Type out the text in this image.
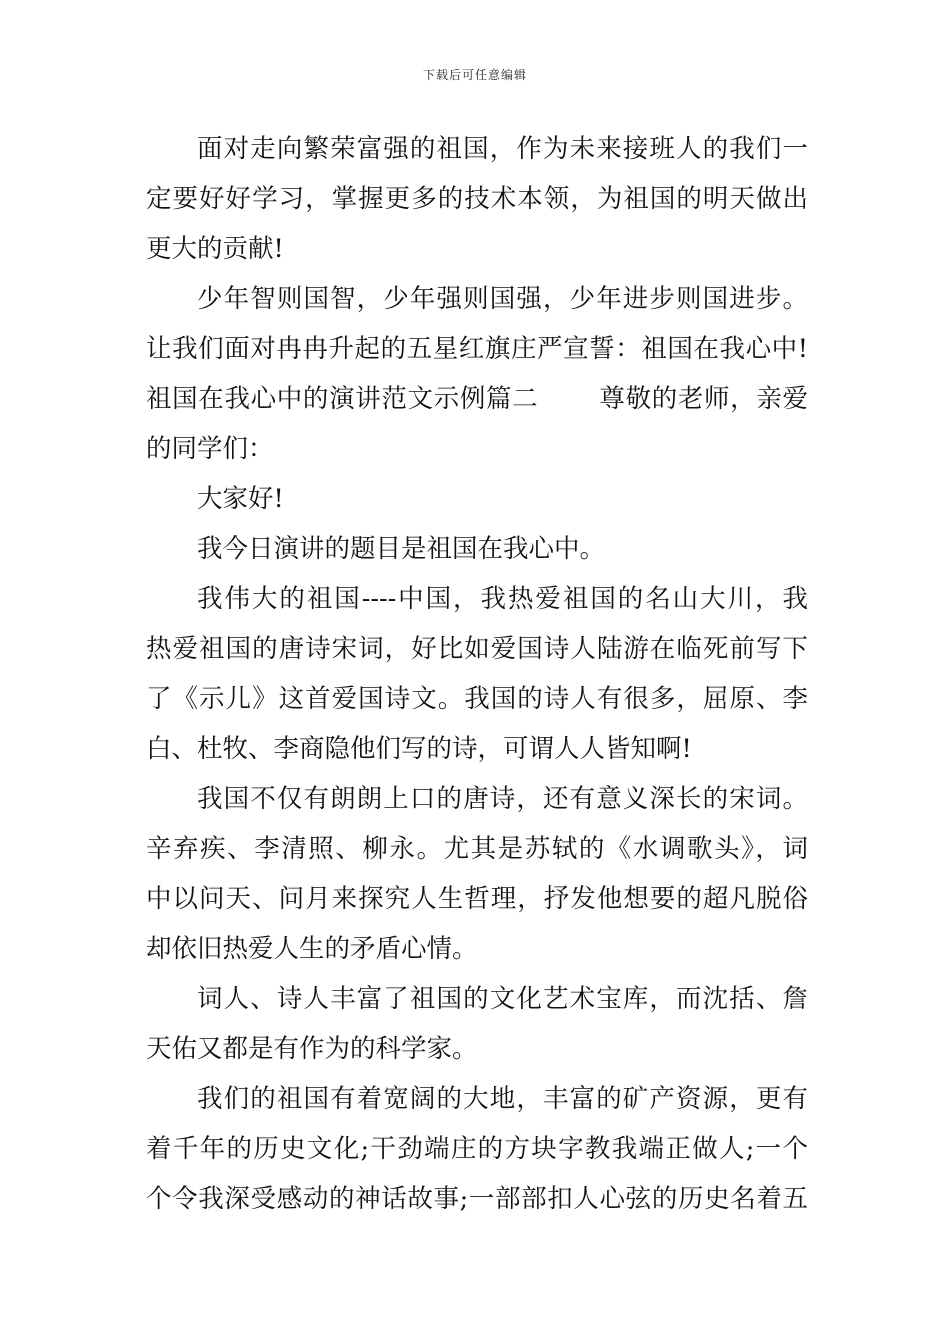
下载后可任意编辑
面对走向繁荣富强的祖国，作为未来接班人的我们一
定要好好学习，掌握更多的技术本领，为祖国的明天做出
更大的贡献!
少年智则国智，少年强则国强，少年进步则国进步。
让我们面对冉冉升起的五星红旗庄严宣誓：祖国在我心中!
祖国在我心中的演讲范文示例篇二　　 尊敬的老师，亲爱
的同学们：
大家好!
我今日演讲的题目是祖国在我心中。
我伟大的祖国----中国，我热爱祖国的名山大川，我
热爱祖国的唐诗宋词，好比如爱国诗人陆游在临死前写下
了《示儿》这首爱国诗文。我国的诗人有很多，屈原、李
白、杜牧、李商隐他们写的诗，可谓人人皆知啊!
我国不仅有朗朗上口的唐诗，还有意义深长的宋词。
辛弃疾、李清照、柳永。尤其是苏轼的《水调歌头》，词
中以问天、问月来探究人生哲理，抒发他想要的超凡脱俗
却依旧热爱人生的矛盾心情。
词人、诗人丰富了祖国的文化艺术宝库，而沈括、詹
天佑又都是有作为的科学家。
我们的祖国有着宽阔的大地，丰富的矿产资源，更有
着千年的历史文化;干劲端庄的方块字教我端正做人;一个
个令我深受感动的神话故事;一部部扣人心弦的历史名着五
